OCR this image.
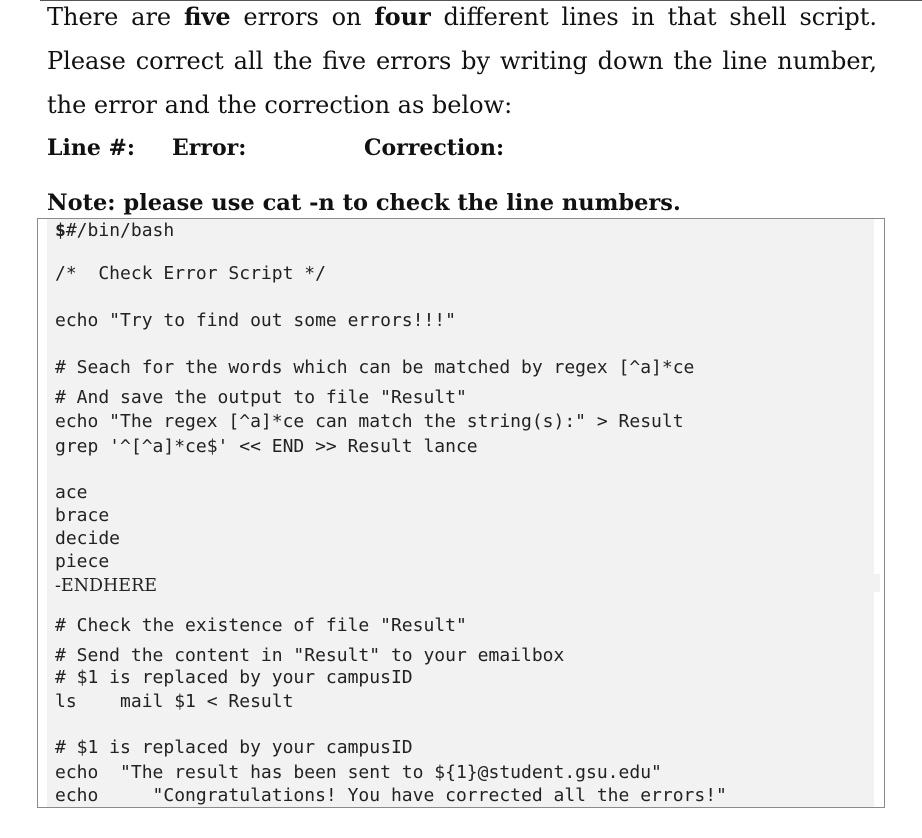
There are five errors on four different lines in that shell script.
Please correct all the five errors by writing down the line number,
the error and the correction as below:
Line #: Error:	Correction:
Note: please use cat -n to check the line numbers.

$#/bin/bash

/*  Check Error Script */

echo "Try to find out some errors!!!"

# Seach for the words which can be matched by regex [^a]*ce

# And save the output to file "Result"

echo "The regex [^a]*ce can match the string(s):" > Result

grep '^[^a]*ce$' << END >> Result lance

ace

brace

decide

piece

-ENDHERE

# Check the existence of file "Result"

# Send the content in "Result" to your emailbox

# $1 is replaced by your campusID

ls    mail $1 < Result

# $1 is replaced by your campusID

echo  "The result has been sent to ${1}@student.gsu.edu"

echo     "Congratulations! You have corrected all the errors!"
